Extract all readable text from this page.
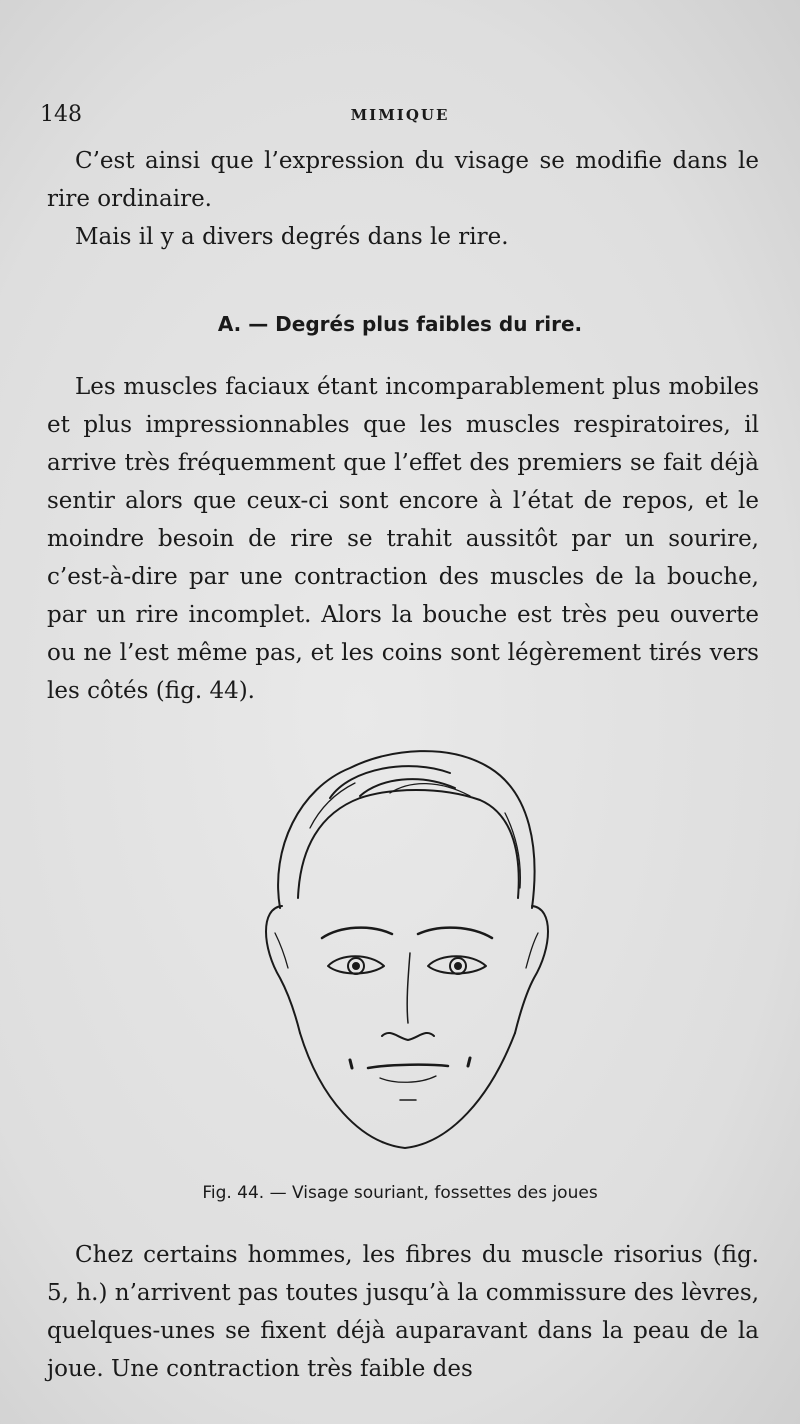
148	MIMIQUE

C’est ainsi que l’expression du visage se modifie dans le rire ordinaire.

Mais il y a divers degrés dans le rire.

A. — Degrés plus faibles du rire.

Les muscles faciaux étant incomparablement plus mobiles et plus impressionnables que les muscles respiratoires, il arrive très fréquemment que l’effet des premiers se fait déjà sentir alors que ceux-ci sont encore à l’état de repos, et le moindre besoin de rire se trahit aussitôt par un sourire, c’est-à-dire par une contraction des muscles de la bouche, par un rire incomplet. Alors la bouche est très peu ouverte ou ne l’est même pas, et les coins sont légèrement tirés vers les côtés (fig. 44).

Fig. 44. — Visage souriant, fossettes des joues

Chez certains hommes, les fibres du muscle risorius (fig. 5, h.) n’arrivent pas toutes jusqu’à la commissure des lèvres, quelques-unes se fixent déjà auparavant dans la peau de la joue. Une contraction très faible des
